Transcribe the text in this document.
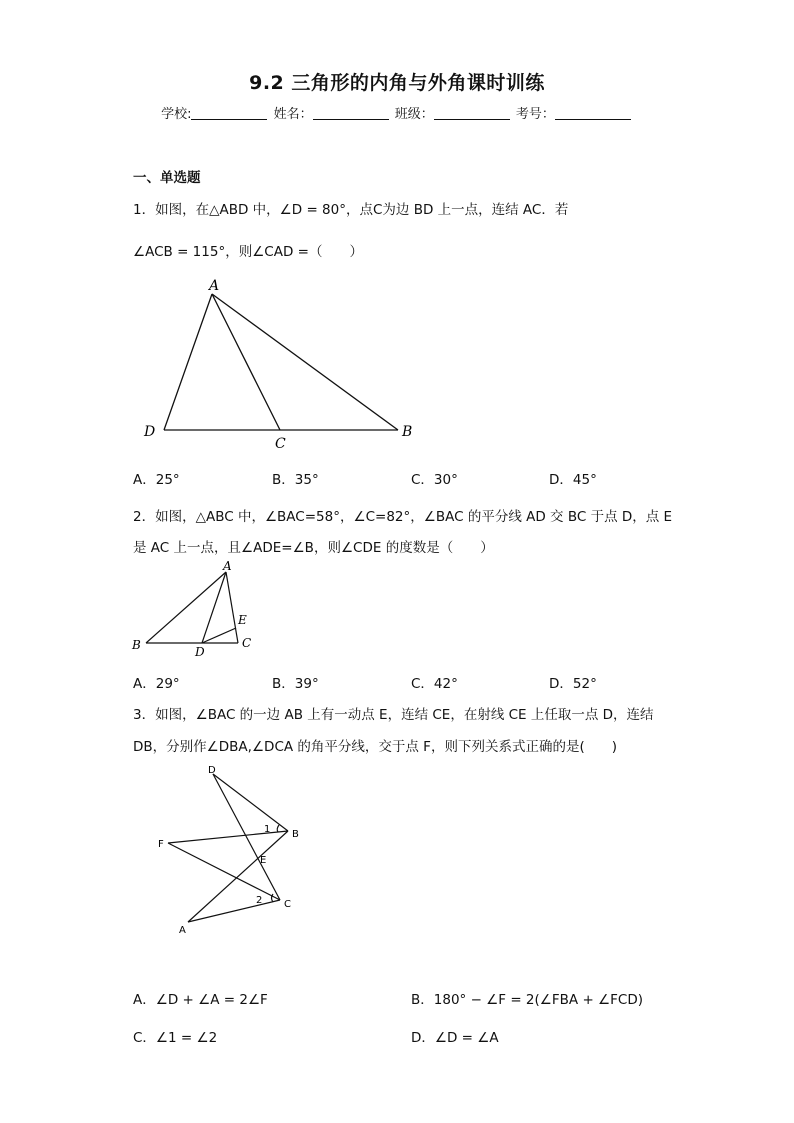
9.2 三角形的内角与外角课时训练
学校:	姓名：	班级：	考号：
一、单选题
1．如图，在△ABD 中，∠D = 80°，点C为边 BD 上一点，连结 AC．若
∠ACB = 115°，则∠CAD =（　　）
A
D
C
B
A．25°	B．35°	C．30°	D．45°
2．如图，△ABC 中，∠BAC=58°，∠C=82°，∠BAC 的平分线 AD 交 BC 于点 D，点 E
是 AC 上一点，且∠ADE=∠B，则∠CDE 的度数是（　　）
A
B	C
D
E
A．29°	B．39°	C．42°	D．52°
3．如图，∠BAC 的一边 AB 上有一动点 E，连结 CE，在射线 CE 上任取一点 D，连结
DB，分别作∠DBA,∠DCA 的角平分线，交于点 F，则下列关系式正确的是(　　)
D
B
F
E
C
A
1
2
A．∠D + ∠A = 2∠F	B．180° − ∠F = 2(∠FBA + ∠FCD)
C．∠1 = ∠2	D．∠D = ∠A
